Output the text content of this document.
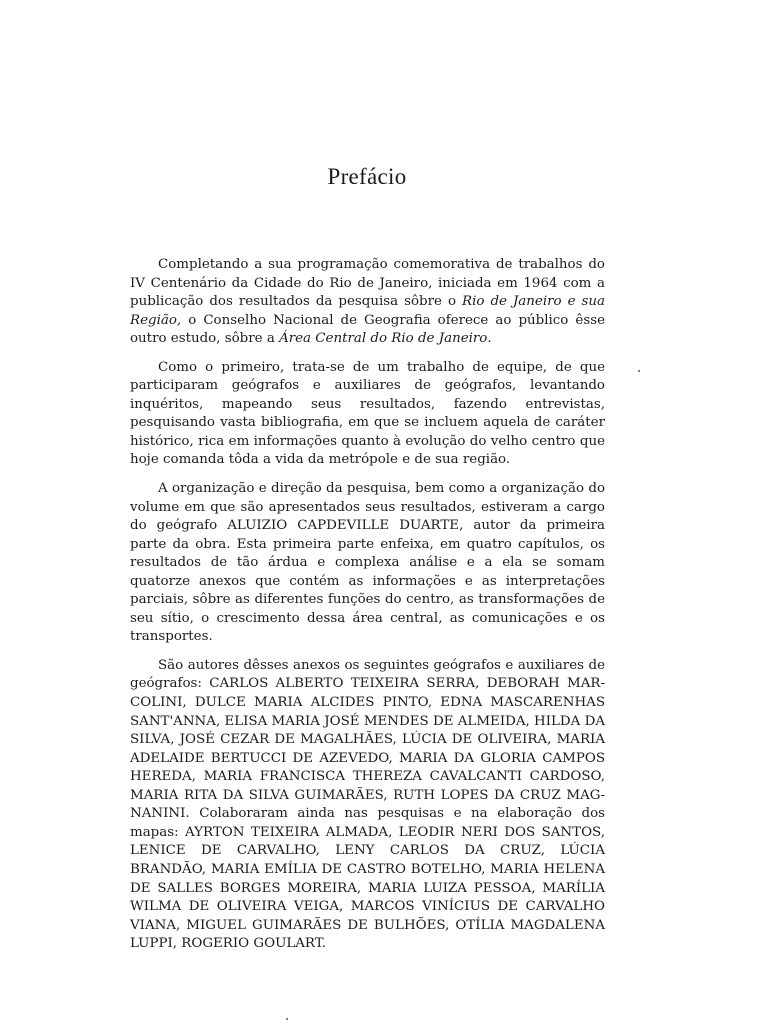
Prefácio

Completando a sua programação comemorativa de trabalhos do IV Centenário da Cidade do Rio de Janeiro, iniciada em 1964 com a publicação dos resultados da pesquisa sôbre o Rio de Janeiro e sua Região, o Conselho Nacional de Geografia oferece ao público êsse outro estudo, sôbre a Área Central do Rio de Janeiro.

Como o primeiro, trata-se de um trabalho de equipe, de que participaram geógrafos e auxiliares de geógrafos, levantando inquéritos, mapeando seus resultados, fazendo entrevistas, pesquisando vasta bibliografia, em que se incluem aquela de caráter histórico, rica em informações quanto à evolução do velho centro que hoje comanda tôda a vida da metrópole e de sua região.

A organização e direção da pesquisa, bem como a organização do volume em que são apresentados seus resultados, estiveram a cargo do geógrafo ALUIZIO CAPDEVILLE DUARTE, autor da primeira parte da obra. Esta primeira parte enfeixa, em quatro capítulos, os resultados de tão árdua e complexa análise e a ela se somam quatorze anexos que contém as informações e as interpretações parciais, sôbre as diferentes funções do centro, as transformações de seu sítio, o crescimento dessa área central, as comunicações e os transportes.

São autores dêsses anexos os seguintes geógrafos e auxiliares de geógrafos: CARLOS ALBERTO TEIXEIRA SERRA, DEBORAH MARCOLINI, DULCE MARIA ALCIDES PINTO, EDNA MASCARENHAS SANT'ANNA, ELISA MARIA JOSÉ MENDES DE ALMEIDA, HILDA DA SILVA, JOSÉ CEZAR DE MAGALHÃES, LÚCIA DE OLIVEIRA, MARIA ADELAIDE BERTUCCI DE AZEVEDO, MARIA DA GLORIA CAMPOS HEREDA, MARIA FRANCISCA THEREZA CAVALCANTI CARDOSO, MARIA RITA DA SILVA GUIMARÃES, RUTH LOPES DA CRUZ MAGNANINI. Colaboraram ainda nas pesquisas e na elaboração dos mapas: AYRTON TEIXEIRA ALMADA, LEODIR NERI DOS SANTOS, LENICE DE CARVALHO, LENY CARLOS DA CRUZ, LÚCIA BRANDÃO, MARIA EMÍLIA DE CASTRO BOTELHO, MARIA HELENA DE SALLES BORGES MOREIRA, MARIA LUIZA PESSOA, MARÍLIA WILMA DE OLIVEIRA VEIGA, MARCOS VINÍCIUS DE CARVALHO VIANA, MIGUEL GUIMARÃES DE BULHÕES, OTÍLIA MAGDALENA LUPPI, ROGERIO GOULART.
